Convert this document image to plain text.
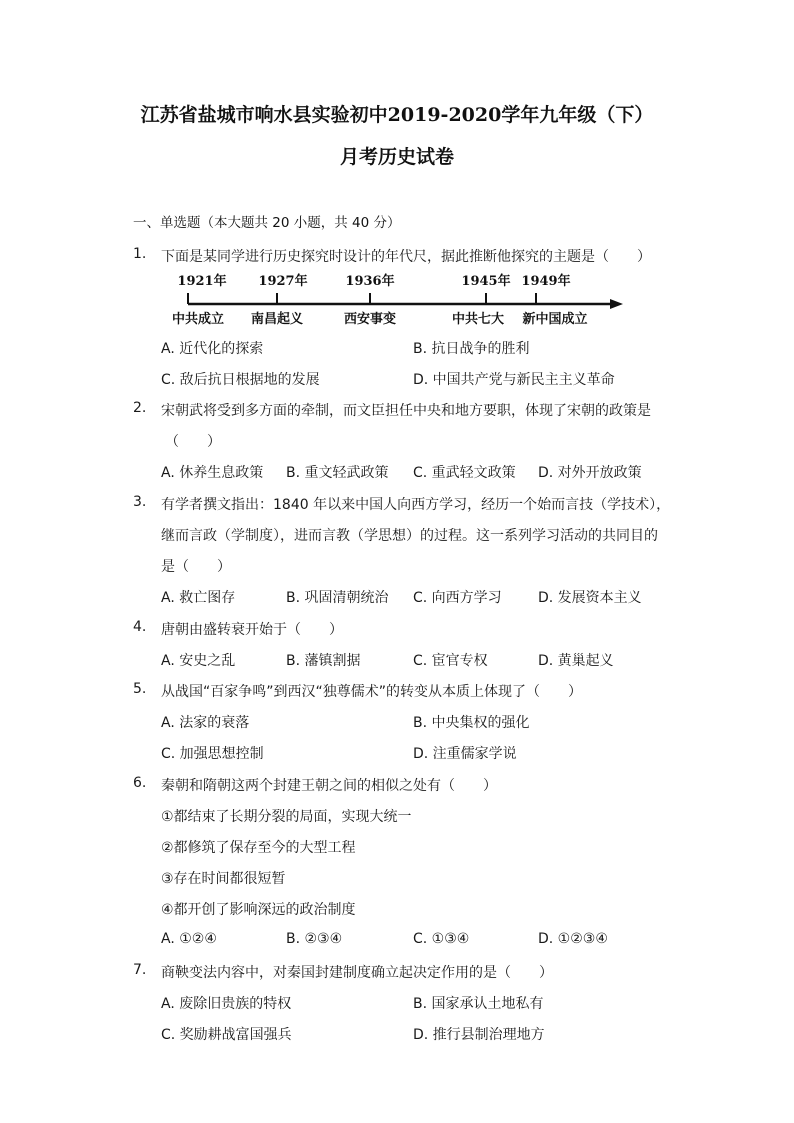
江苏省盐城市响水县实验初中2019-2020学年九年级（下）
月考历史试卷
一、单选题（本大题共 20 小题，共 40 分）
1. 下面是某同学进行历史探究时设计的年代尺，据此推断他探究的主题是（　　）
1921年 1927年	1936年	1945年 1949年
中共成立 南昌起义	西安事变	中共七大 新中国成立
A. 近代化的探索	B. 抗日战争的胜利
C. 敌后抗日根据地的发展	D. 中国共产党与新民主主义革命
2. 宋朝武将受到多方面的牵制，而文臣担任中央和地方要职，体现了宋朝的政策是
（　　）
A. 休养生息政策 B. 重文轻武政策 C. 重武轻文政策 D. 对外开放政策
3. 有学者撰文指出：1840 年以来中国人向西方学习，经历一个始而言技（学技术），
继而言政（学制度），进而言教（学思想）的过程。这一系列学习活动的共同目的
是（　　）
A. 救亡图存	B. 巩固清朝统治 C. 向西方学习	D. 发展资本主义
4. 唐朝由盛转衰开始于（　　）
A. 安史之乱	B. 藩镇割据	C. 宦官专权	D. 黄巢起义
5. 从战国“百家争鸣”到西汉“独尊儒术”的转变从本质上体现了（　　）
A. 法家的衰落	B. 中央集权的强化
C. 加强思想控制	D. 注重儒家学说
6. 秦朝和隋朝这两个封建王朝之间的相似之处有（　　）
①都结束了长期分裂的局面，实现大统一
②都修筑了保存至今的大型工程
③存在时间都很短暂
④都开创了影响深远的政治制度
A. ①②④	B. ②③④	C. ①③④	D. ①②③④
7. 商鞅变法内容中，对秦国封建制度确立起决定作用的是（　　）
A. 废除旧贵族的特权	B. 国家承认土地私有
C. 奖励耕战富国强兵	D. 推行县制治理地方
